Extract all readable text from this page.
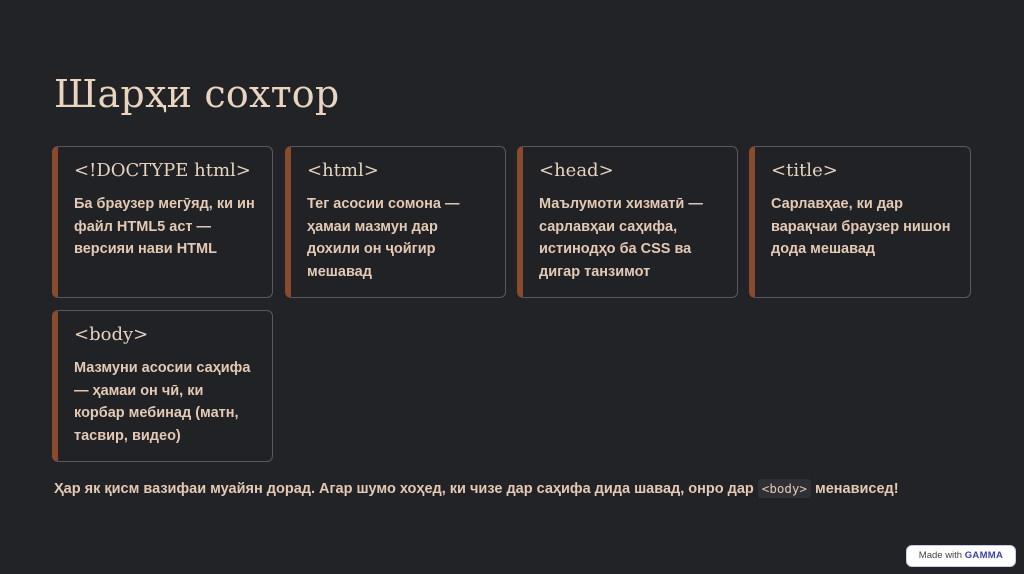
Шарҳи сохтор
<!DOCTYPE html>
Ба браузер мегӯяд, ки ин файл HTML5 аст — версияи нави HTML
<html>
Тег асосии сомона — ҳамаи мазмун дар дохили он ҷойгир мешавад
<head>
Маълумоти хизматӣ — сарлавҳаи саҳифа, истинодҳо ба CSS ва дигар танзимот
<title>
Сарлавҳае, ки дар варақчаи браузер нишон дода мешавад
<body>
Мазмуни асосии саҳифа — ҳамаи он чӣ, ки корбар мебинад (матн, тасвир, видео)
Ҳар як қисм вазифаи муайян дорад. Агар шумо хоҳед, ки чизе дар саҳифа дида шавад, онро дар <body> менависед!
Made with GAMMA
